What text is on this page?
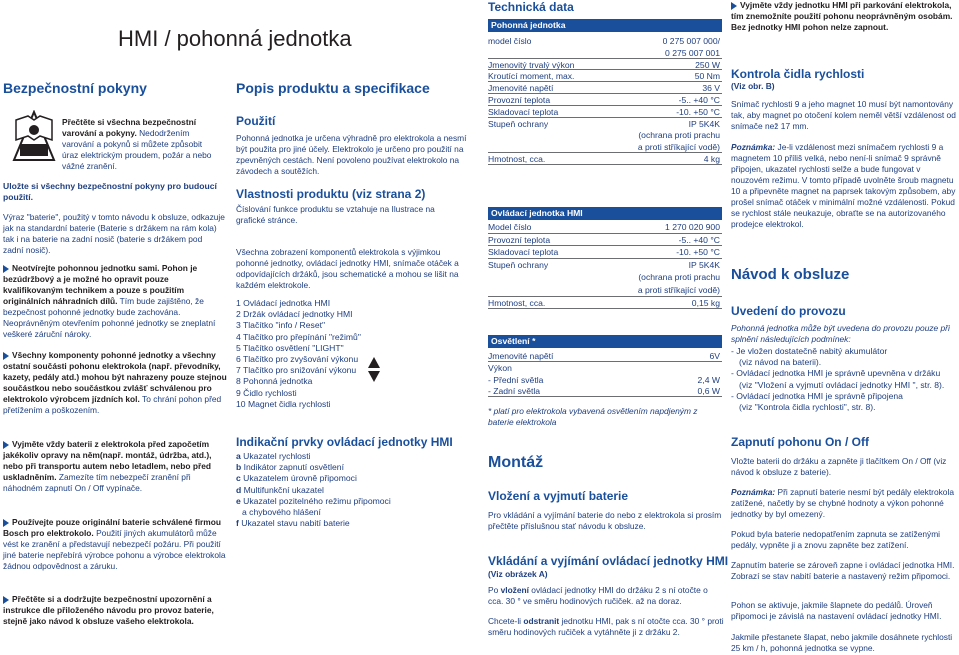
HMI / pohonná jednotka
Bezpečnostní pokyny
Přečtěte si všechna bezpečnostní varování a pokyny. Nedodržením varování a pokynů si můžete způsobit úraz elektrickým proudem, požár a nebo vážné zranění.
Uložte si všechny bezpečnostní pokyny pro budoucí použití.
Výraz "baterie", použitý v tomto návodu k obsluze, odkazuje jak na standardní baterie (Baterie s držákem na rám kola) tak i na baterie na zadní nosič (baterie s držákem pod zadní nosič).
Neotvírejte pohonnou jednotku sami. Pohon je bezúdržbový a je možné ho opravit pouze kvalifikovaným technikem a pouze s použitím originálních náhradních dílů. Tím bude zajištěno, že bezpečnost pohonné jednotky bude zachována. Neoprávněným otevřením pohonné jednotky se zneplatní veškeré záruční nároky.
Všechny komponenty pohonné jednotky a všechny ostatní součásti pohonu elektrokola (např. převodníky, kazety, pedály atd.) mohou být nahrazeny pouze stejnou součástkou nebo součástkou zvlášť schválenou pro elektrokolo výrobcem jízdních kol. To chrání pohon před přetížením a poškozením.
Vyjměte vždy baterii z elektrokola před započetím jakékoliv opravy na něm(např. montáž, údržba, atd.), nebo při transportu autem nebo letadlem, nebo před uskladněním. Zamezíte tím nebezpečí zranění při náhodném zapnutí On / Off vypínače.
Používejte pouze originální baterie schválené firmou Bosch pro elektrokolo. Použití jiných akumulátorů může vést ke zranění a představují nebezpečí požáru. Při použití jiné baterie nepřebírá výrobce pohonu a výrobce elektrokola žádnou odpovědnost a záruku.
Přečtěte si a dodržujte bezpečnostní upozornění a instrukce dle přiloženého návodu pro provoz baterie, stejně jako návod k obsluze vašeho elektrokola.
Popis produktu a specifikace
Použití
Pohonná jednotka je určena výhradně pro elektrokola a nesmí být použita pro jiné účely. Elektrokolo je určeno pro použití na zpevněných cestách. Není povoleno používat elektrokolo na závodech a soutěžích.
Vlastnosti produktu (viz strana 2)
Číslování funkce produktu se vztahuje na Ilustrace na grafické stránce.
Všechna zobrazení komponentů elektrokola s výjimkou pohonné jednotky, ovládací jednotky HMI, snímače otáček a odpovídajících držáků, jsou schematické a mohou se lišit na každém elektrokole.
1 Ovládací jednotka HMI
2 Držák ovládací jednotky HMI
3 Tlačítko "info / Reset"
4 Tlačítko pro přepínání "režimů"
5 Tlačítko osvětlení "LIGHT"
6 Tlačítko pro zvyšování výkonu
7 Tlačítko pro snižování výkonu
8 Pohonná jednotka
9 Čidlo rychlosti
10 Magnet čidla rychlosti
Indikační prvky ovládací jednotky HMI
a Ukazatel rychlosti
b Indikátor zapnutí osvětlení
c Ukazatelem úrovně připomoci
d Multifunkční ukazatel
e Ukazatel pozitelného režimu připomoci
a chybového hlášení
f Ukazatel stavu nabití baterie
Technická data
Pohonná jednotka
model číslo	0 275 007 000/
0 275 007 001
Jmenovitý trvalý výkon	250 W
Kroutící moment, max.	50 Nm
Jmenovité napětí	36 V
Provozní teplota	-5.. +40 °C
Skladovací teplota	-10. +50 °C
Stupeň ochrany	IP 5K4K
(ochrana proti prachu
a proti stříkající vodě)
Hmotnost, cca.	4 kg
Ovládací jednotka HMI
Model číslo	1 270 020 900
Provozní teplota	-5.. +40 °C
Skladovací teplota	-10. +50 °C
Stupeň ochrany	IP 5K4K
(ochrana proti prachu
a proti stříkající vodě)
Hmotnost, cca.	0,15 kg
Osvětlení *
Jmenovité napětí	6V
Výkon
- Přední světla	2,4 W
- Zadní světla	0,6 W
* platí pro elektrokola vybavená osvětlením napdjeným z baterie elektrokola
Montáž
Vložení a vyjmutí baterie
Pro vkládání a vyjímání baterie do nebo z elektrokola si prosím přečtěte příslušnou stať návodu k obsluze.
Vkládání a vyjímání ovládací jednotky HMI
(Viz obrázek A)
Po vložení ovládací jednotky HMI do držáku 2 s ní otočte o cca. 30 ° ve směru hodinových ručiček. až na doraz.
Chcete-li odstranit jednotku HMI, pak s ní otočte cca. 30 ° proti směru hodinových ručiček a vytáhněte ji z držáku 2.
Vyjměte vždy jednotku HMI při parkování elektrokola, tím znemožníte použití pohonu neoprávněným osobám. Bez jednotky HMI pohon nelze zapnout.
Kontrola čidla rychlosti
(Viz obr. B)
Snímač rychlosti 9 a jeho magnet 10 musí být namontovány tak, aby magnet po otočení kolem neměl větší vzdálenost od snímače než 17 mm.
Poznámka: Je-li vzdálenost mezi snímačem rychlosti 9 a magnetem 10 příliš velká, nebo není-li snímač 9 správně připojen, ukazatel rychlosti selže a bude fungovat v nouzovém režimu. V tomto případě uvolněte šroub magnetu 10 a připevněte magnet na paprsek takovým způsobem, aby prošel snímač otáček v minimální možné vzdálenosti. Pokud se rychlost stále neukazuje, obraťte se na autorizovaného prodejce elektrokol.
Návod k obsluze
Uvedení do provozu
Pohonná jednotka může být uvedena do provozu pouze při splnění následujících podmínek:
- Je vložen dostatečně nabitý akumulátor
(viz návod na baterii).
- Ovládací jednotka HMI je správně upevněna v držáku
(viz "Vložení a vyjmutí ovládací jednotky HMI ", str. 8).
- Ovládací jednotka HMI je správně připojena
(viz "Kontrola čidla rychlosti", str. 8).
Zapnutí pohonu On / Off
Vložte baterii do držáku a zapněte ji tlačítkem On / Off (viz návod k obsluze z baterie).
Poznámka: Při zapnutí baterie nesmí být pedály elektrokola zatížené, načetly by se chybné hodnoty a výkon pohonné jednotky by byl omezený.
Pokud byla baterie nedopatřením zapnuta se zatíženými pedály, vypněte ji a znovu zapněte bez zatížení.
Zapnutím baterie se zároveň zapne i ovládací jednotka HMI. Zobrazí se stav nabití baterie a nastavený režim připomoci.
Pohon se aktivuje, jakmile šlapnete do pedálů. Úroveň připomoci je závislá na nastavení ovládací jednotky HMI.
Jakmile přestanete šlapat, nebo jakmile dosáhnete rychlosti 25 km / h, pohonná jednotka se vypne.
